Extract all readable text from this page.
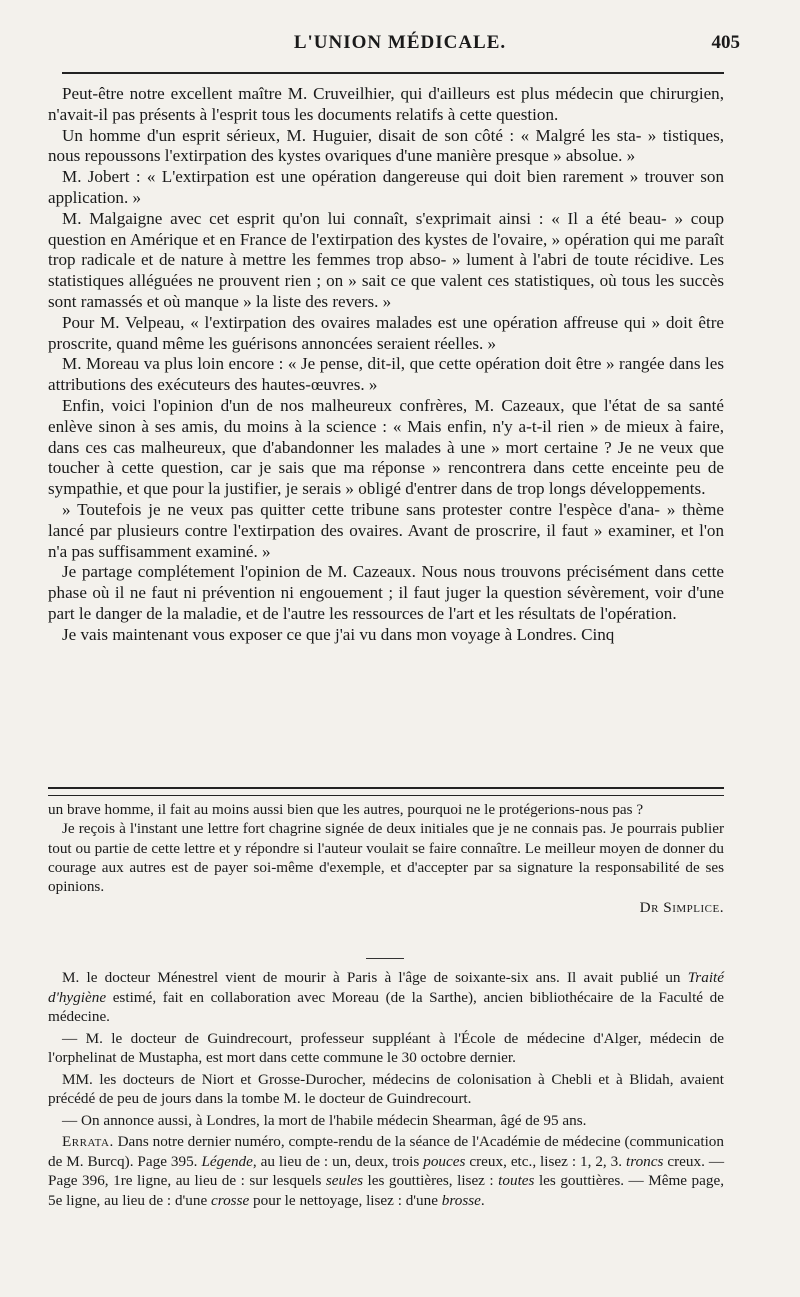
L'UNION MÉDICALE.	405

Peut-être notre excellent maître M. Cruveilhier, qui d'ailleurs est plus médecin que chirurgien, n'avait-il pas présents à l'esprit tous les documents relatifs à cette question.

Un homme d'un esprit sérieux, M. Huguier, disait de son côté : « Malgré les sta- » tistiques, nous repoussons l'extirpation des kystes ovariques d'une manière presque » absolue. »

M. Jobert : « L'extirpation est une opération dangereuse qui doit bien rarement » trouver son application. »

M. Malgaigne avec cet esprit qu'on lui connaît, s'exprimait ainsi : « Il a été beau- » coup question en Amérique et en France de l'extirpation des kystes de l'ovaire, » opération qui me paraît trop radicale et de nature à mettre les femmes trop abso- » lument à l'abri de toute récidive. Les statistiques alléguées ne prouvent rien ; on » sait ce que valent ces statistiques, où tous les succès sont ramassés et où manque » la liste des revers. »

Pour M. Velpeau, « l'extirpation des ovaires malades est une opération affreuse qui » doit être proscrite, quand même les guérisons annoncées seraient réelles. »

M. Moreau va plus loin encore : « Je pense, dit-il, que cette opération doit être » rangée dans les attributions des exécuteurs des hautes-œuvres. »

Enfin, voici l'opinion d'un de nos malheureux confrères, M. Cazeaux, que l'état de sa santé enlève sinon à ses amis, du moins à la science : « Mais enfin, n'y a-t-il rien » de mieux à faire, dans ces cas malheureux, que d'abandonner les malades à une » mort certaine ? Je ne veux que toucher à cette question, car je sais que ma réponse » rencontrera dans cette enceinte peu de sympathie, et que pour la justifier, je serais » obligé d'entrer dans de trop longs développements.

» Toutefois je ne veux pas quitter cette tribune sans protester contre l'espèce d'ana- » thème lancé par plusieurs contre l'extirpation des ovaires. Avant de proscrire, il faut » examiner, et l'on n'a pas suffisamment examiné. »

Je partage complétement l'opinion de M. Cazeaux. Nous nous trouvons précisément dans cette phase où il ne faut ni prévention ni engouement ; il faut juger la question sévèrement, voir d'une part le danger de la maladie, et de l'autre les ressources de l'art et les résultats de l'opération.

Je vais maintenant vous exposer ce que j'ai vu dans mon voyage à Londres. Cinq

un brave homme, il fait au moins aussi bien que les autres, pourquoi ne le protégerions-nous pas ?

Je reçois à l'instant une lettre fort chagrine signée de deux initiales que je ne connais pas. Je pourrais publier tout ou partie de cette lettre et y répondre si l'auteur voulait se faire connaître. Le meilleur moyen de donner du courage aux autres est de payer soi-même d'exemple, et d'accepter par sa signature la responsabilité de ses opinions.

Dr Simplice.

M. le docteur Ménestrel vient de mourir à Paris à l'âge de soixante-six ans. Il avait publié un Traité d'hygiène estimé, fait en collaboration avec Moreau (de la Sarthe), ancien bibliothécaire de la Faculté de médecine.

— M. le docteur de Guindrecourt, professeur suppléant à l'École de médecine d'Alger, médecin de l'orphelinat de Mustapha, est mort dans cette commune le 30 octobre dernier.

MM. les docteurs de Niort et Grosse-Durocher, médecins de colonisation à Chebli et à Blidah, avaient précédé de peu de jours dans la tombe M. le docteur de Guindrecourt.

— On annonce aussi, à Londres, la mort de l'habile médecin Shearman, âgé de 95 ans.

Errata. Dans notre dernier numéro, compte-rendu de la séance de l'Académie de médecine (communication de M. Burcq). Page 395. Légende, au lieu de : un, deux, trois pouces creux, etc., lisez : 1, 2, 3. troncs creux. — Page 396, 1re ligne, au lieu de : sur lesquels seules les gouttières, lisez : toutes les gouttières. — Même page, 5e ligne, au lieu de : d'une crosse pour le nettoyage, lisez : d'une brosse.
